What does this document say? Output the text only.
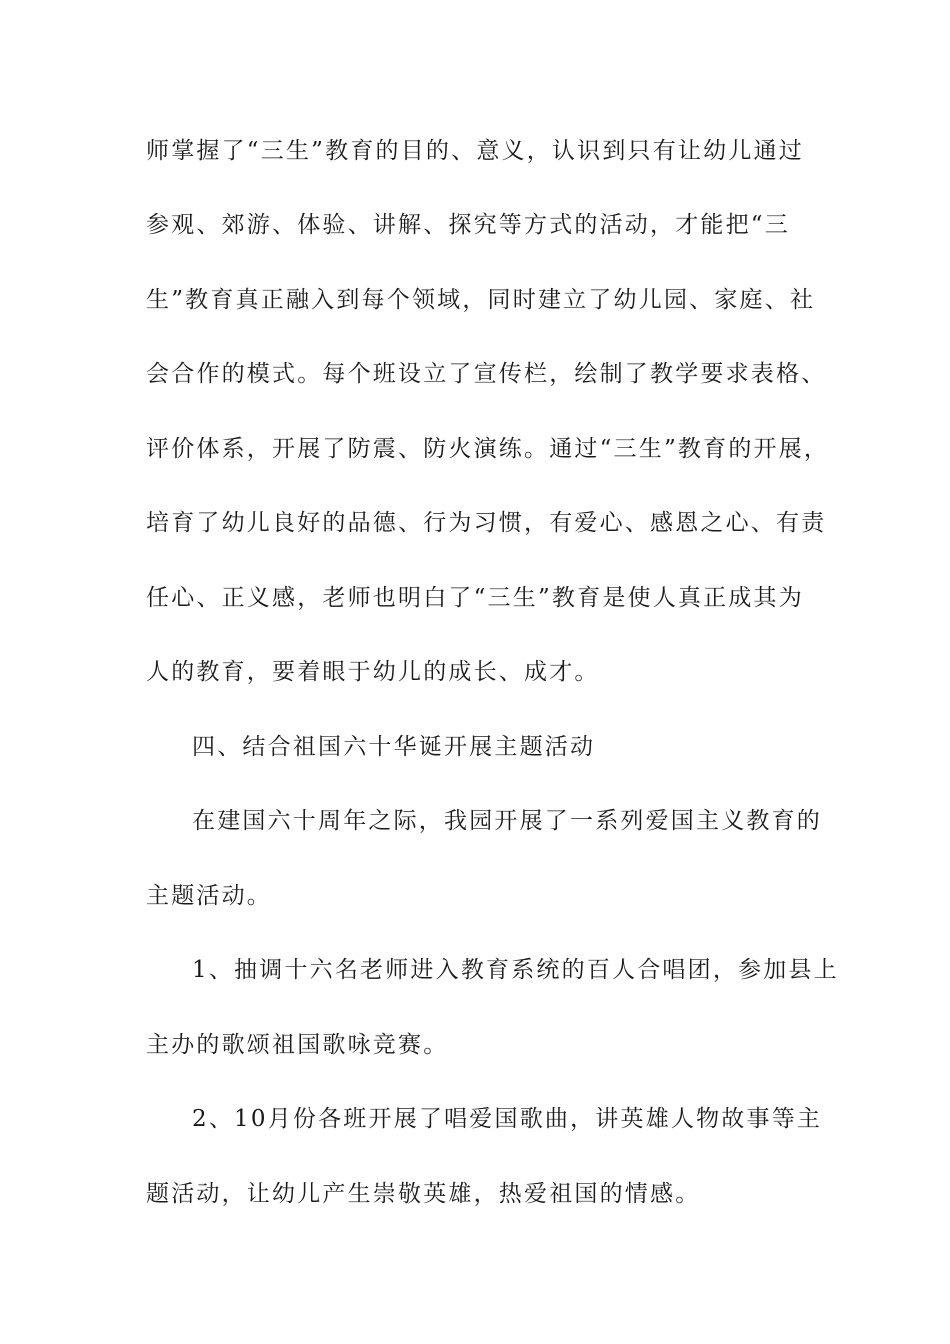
师掌握了“三生”教育的目的、意义，认识到只有让幼儿通过
参观、郊游、体验、讲解、探究等方式的活动，才能把“三
生”教育真正融入到每个领域，同时建立了幼儿园、家庭、社
会合作的模式。每个班设立了宣传栏，绘制了教学要求表格、
评价体系，开展了防震、防火演练。通过“三生”教育的开展，
培育了幼儿良好的品德、行为习惯，有爱心、感恩之心、有责
任心、正义感，老师也明白了“三生”教育是使人真正成其为
人的教育，要着眼于幼儿的成长、成才。
四、结合祖国六十华诞开展主题活动
在建国六十周年之际，我园开展了一系列爱国主义教育的
主题活动。
1、抽调十六名老师进入教育系统的百人合唱团，参加县上
主办的歌颂祖国歌咏竞赛。
2、10月份各班开展了唱爱国歌曲，讲英雄人物故事等主
题活动，让幼儿产生崇敬英雄，热爱祖国的情感。
